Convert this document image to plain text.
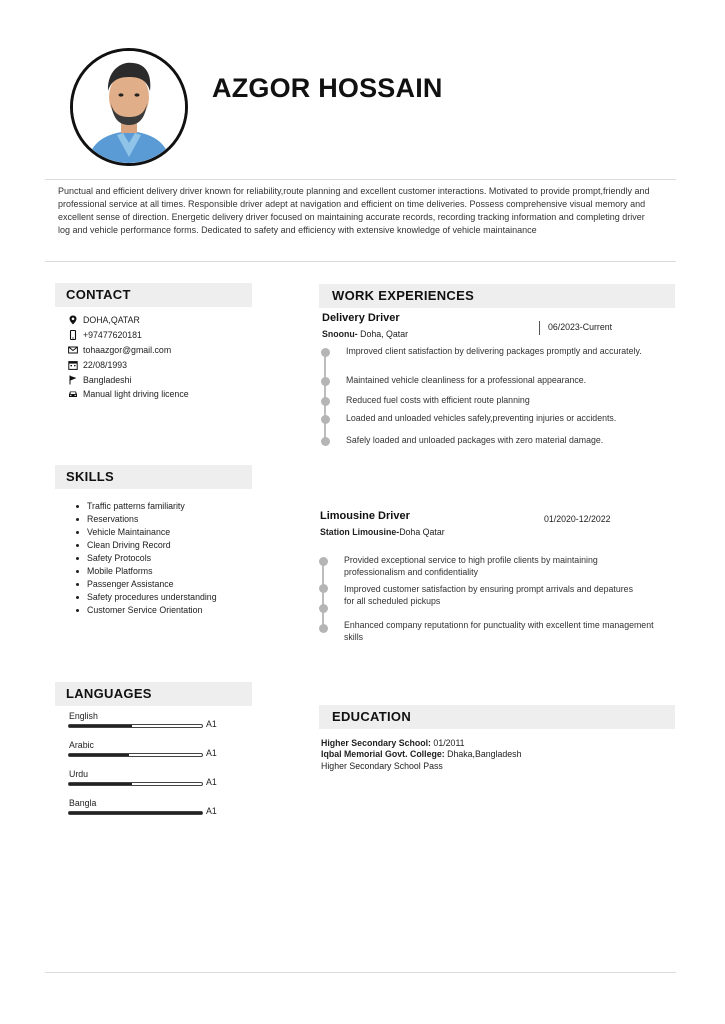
AZGOR HOSSAIN
Punctual and efficient delivery driver known for reliability,route planning and excellent customer interactions. Motivated to provide prompt,friendly and professional service at all times. Responsible driver adept at navigation and efficient on time deliveries. Possess comprehensive visual memory and excellent sense of direction. Energetic delivery driver focused on maintaining accurate records, recording tracking information and completing driver log and vehicle performance forms. Dedicated to safety and efficiency with extensive knowledge of vehicle maintainance
CONTACT
DOHA,QATAR
+97477620181
tohaazgor@gmail.com
22/08/1993
Bangladeshi
Manual light driving licence
SKILLS
Traffic patterns familiarity
Reservations
Vehicle Maintainance
Clean Driving Record
Safety Protocols
Mobile Platforms
Passenger Assistance
Safety procedures understanding
Customer Service Orientation
LANGUAGES
English
A1
Arabic
A1
Urdu
A1
Bangla
A1
WORK EXPERIENCES
Delivery Driver
Snoonu- Doha, Qatar
06/2023-Current
Improved client satisfaction by delivering packages promptly and accurately.
Maintained vehicle cleanliness for a professional appearance.
Reduced fuel costs with efficient route planning
Loaded and unloaded vehicles safely,preventing injuries or accidents.
Safely loaded and unloaded packages with zero material damage.
Limousine Driver
Station Limousine-Doha Qatar
01/2020-12/2022
Provided exceptional service to high profile clients by maintaining professionalism and confidentiality
Improved customer satisfaction by ensuring prompt arrivals and depatures for all scheduled pickups
Enhanced company reputationn for punctuality with excellent time management skills
EDUCATION
Higher Secondary School: 01/2011
Iqbal Memorial Govt. College: Dhaka,Bangladesh
Higher Secondary School Pass
